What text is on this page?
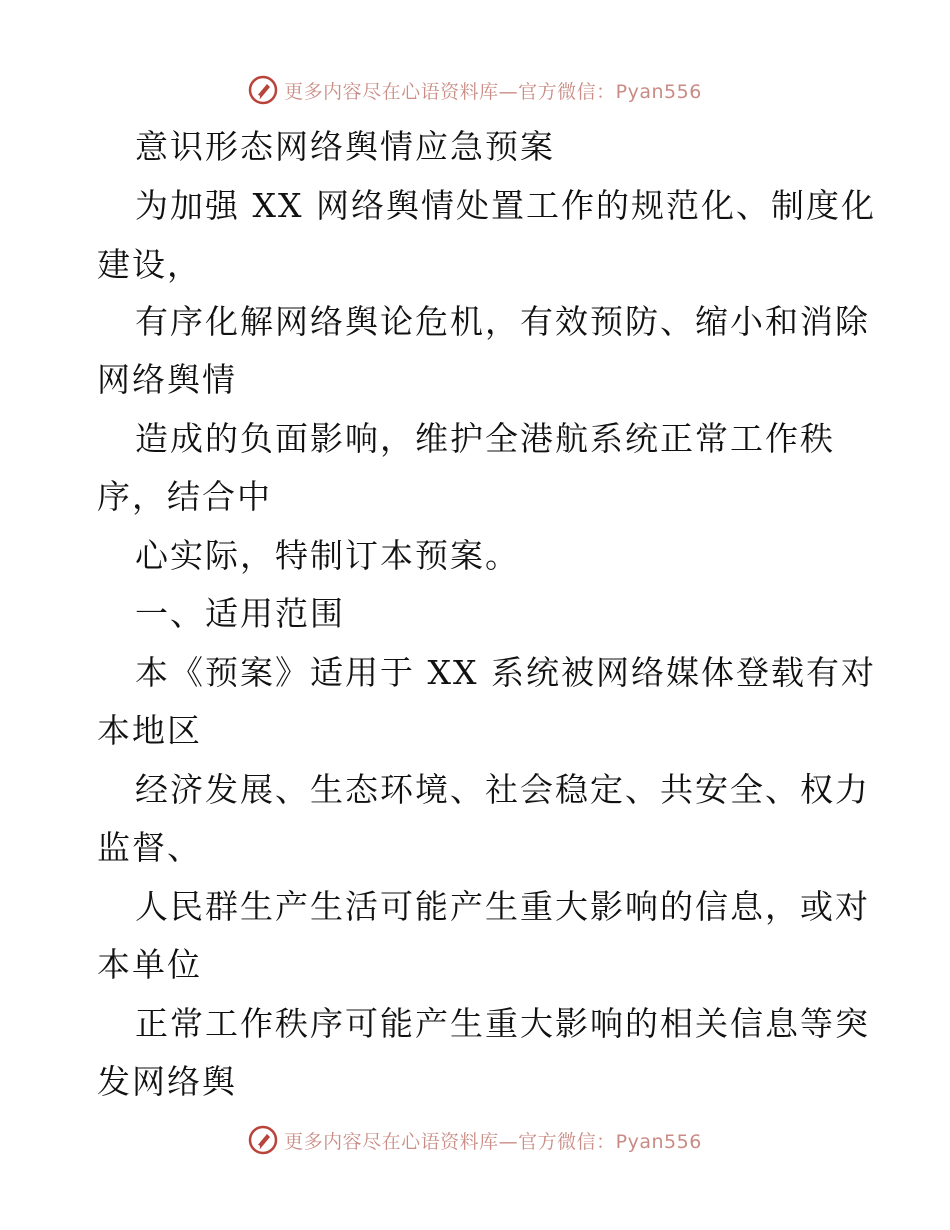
更多内容尽在心语资料库—官方微信：Pyan556
意识形态网络舆情应急预案
为加强 XX 网络舆情处置工作的规范化、制度化
建设，
有序化解网络舆论危机，有效预防、缩小和消除
网络舆情
造成的负面影响，维护全港航系统正常工作秩
序，结合中
心实际，特制订本预案。
一、适用范围
本《预案》适用于 XX 系统被网络媒体登载有对
本地区
经济发展、生态环境、社会稳定、共安全、权力
监督、
人民群生产生活可能产生重大影响的信息，或对
本单位
正常工作秩序可能产生重大影响的相关信息等突
发网络舆
更多内容尽在心语资料库—官方微信：Pyan556
